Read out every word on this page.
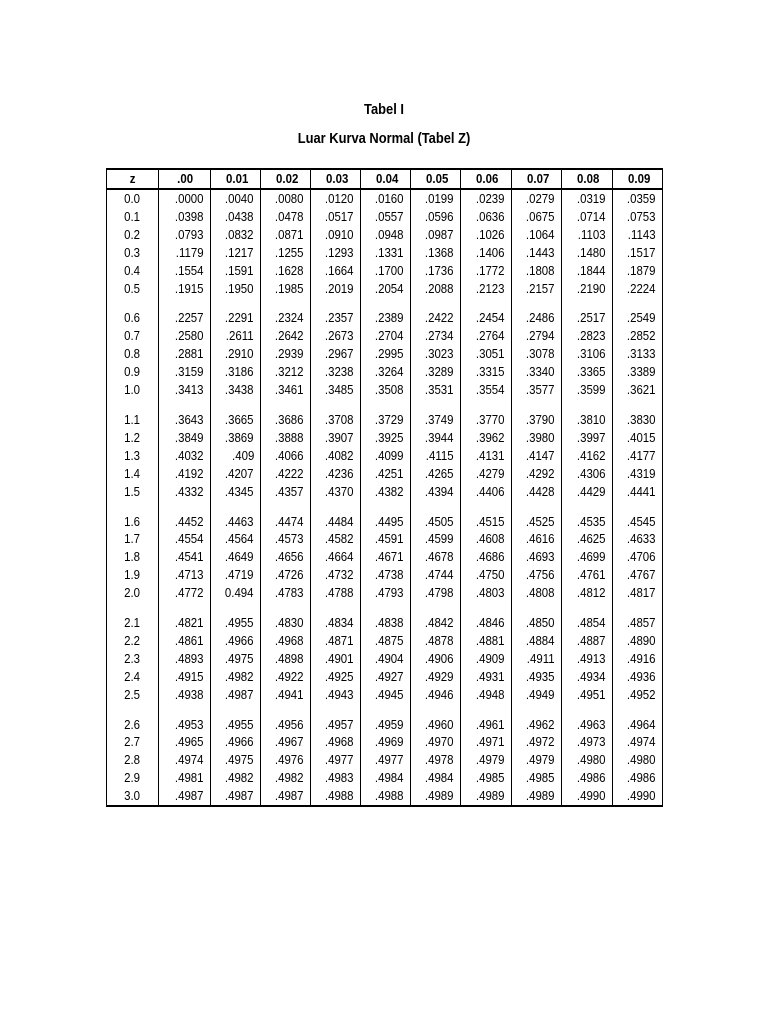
Tabel I
Luar Kurva Normal (Tabel Z)
z	.00	0.01	0.02	0.03	0.04	0.05	0.06	0.07	0.08	0.09
0.0	.0000	.0040	.0080	.0120	.0160	.0199	.0239	.0279	.0319	.0359
0.1	.0398	.0438	.0478	.0517	.0557	.0596	.0636	.0675	.0714	.0753
0.2	.0793	.0832	.0871	.0910	.0948	.0987	.1026	.1064	.1103	.1143
0.3	.1179	.1217	.1255	.1293	.1331	.1368	.1406	.1443	.1480	.1517
0.4	.1554	.1591	.1628	.1664	.1700	.1736	.1772	.1808	.1844	.1879
0.5	.1915	.1950	.1985	.2019	.2054	.2088	.2123	.2157	.2190	.2224

0.6	.2257	.2291	.2324	.2357	.2389	.2422	.2454	.2486	.2517	.2549
0.7	.2580	.2611	.2642	.2673	.2704	.2734	.2764	.2794	.2823	.2852
0.8	.2881	.2910	.2939	.2967	.2995	.3023	.3051	.3078	.3106	.3133
0.9	.3159	.3186	.3212	.3238	.3264	.3289	.3315	.3340	.3365	.3389
1.0	.3413	.3438	.3461	.3485	.3508	.3531	.3554	.3577	.3599	.3621

1.1	.3643	.3665	.3686	.3708	.3729	.3749	.3770	.3790	.3810	.3830
1.2	.3849	.3869	.3888	.3907	.3925	.3944	.3962	.3980	.3997	.4015
1.3	.4032	.409	.4066	.4082	.4099	.4115	.4131	.4147	.4162	.4177
1.4	.4192	.4207	.4222	.4236	.4251	.4265	.4279	.4292	.4306	.4319
1.5	.4332	.4345	.4357	.4370	.4382	.4394	.4406	.4428	.4429	.4441

1.6	.4452	.4463	.4474	.4484	.4495	.4505	.4515	.4525	.4535	.4545
1.7	.4554	.4564	.4573	.4582	.4591	.4599	.4608	.4616	.4625	.4633
1.8	.4541	.4649	.4656	.4664	.4671	.4678	.4686	.4693	.4699	.4706
1.9	.4713	.4719	.4726	.4732	.4738	.4744	.4750	.4756	.4761	.4767
2.0	.4772	0.494	.4783	.4788	.4793	.4798	.4803	.4808	.4812	.4817

2.1	.4821	.4955	.4830	.4834	.4838	.4842	.4846	.4850	.4854	.4857
2.2	.4861	.4966	.4968	.4871	.4875	.4878	.4881	.4884	.4887	.4890
2.3	.4893	.4975	.4898	.4901	.4904	.4906	.4909	.4911	.4913	.4916
2.4	.4915	.4982	.4922	.4925	.4927	.4929	.4931	.4935	.4934	.4936
2.5	.4938	.4987	.4941	.4943	.4945	.4946	.4948	.4949	.4951	.4952

2.6	.4953	.4955	.4956	.4957	.4959	.4960	.4961	.4962	.4963	.4964
2.7	.4965	.4966	.4967	.4968	.4969	.4970	.4971	.4972	.4973	.4974
2.8	.4974	.4975	.4976	.4977	.4977	.4978	.4979	.4979	.4980	.4980
2.9	.4981	.4982	.4982	.4983	.4984	.4984	.4985	.4985	.4986	.4986
3.0	.4987	.4987	.4987	.4988	.4988	.4989	.4989	.4989	.4990	.4990
